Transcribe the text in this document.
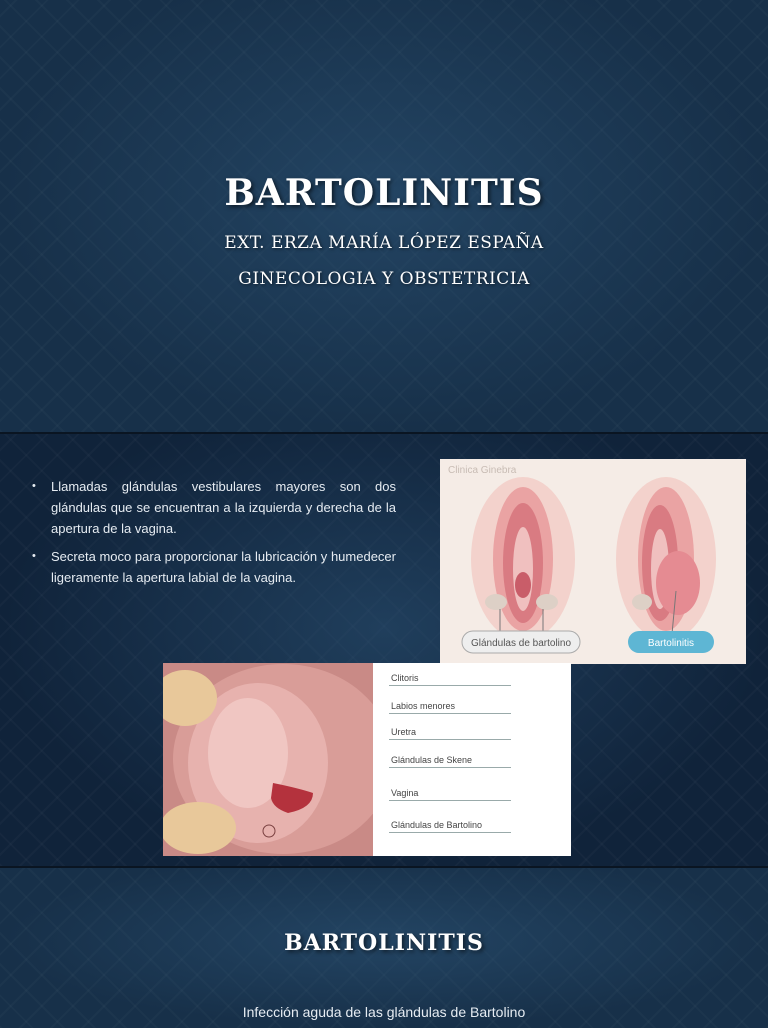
BARTOLINITIS
EXT. ERZA MARÍA LÓPEZ ESPAÑA
GINECOLOGIA Y OBSTETRICIA
• Llamadas glándulas vestibulares mayores son dos glándulas que se encuentran a la izquierda y derecha de la apertura de la vagina.
• Secreta moco para proporcionar la lubricación y humedecer ligeramente la apertura labial de la vagina.
Clinica Ginebra
Glándulas de bartolino	Bartolinitis
Clitoris
Labios menores
Uretra
Glándulas de Skene
Vagina
Glándulas de Bartolino
BARTOLINITIS
Infección aguda de las glándulas de Bartolino
